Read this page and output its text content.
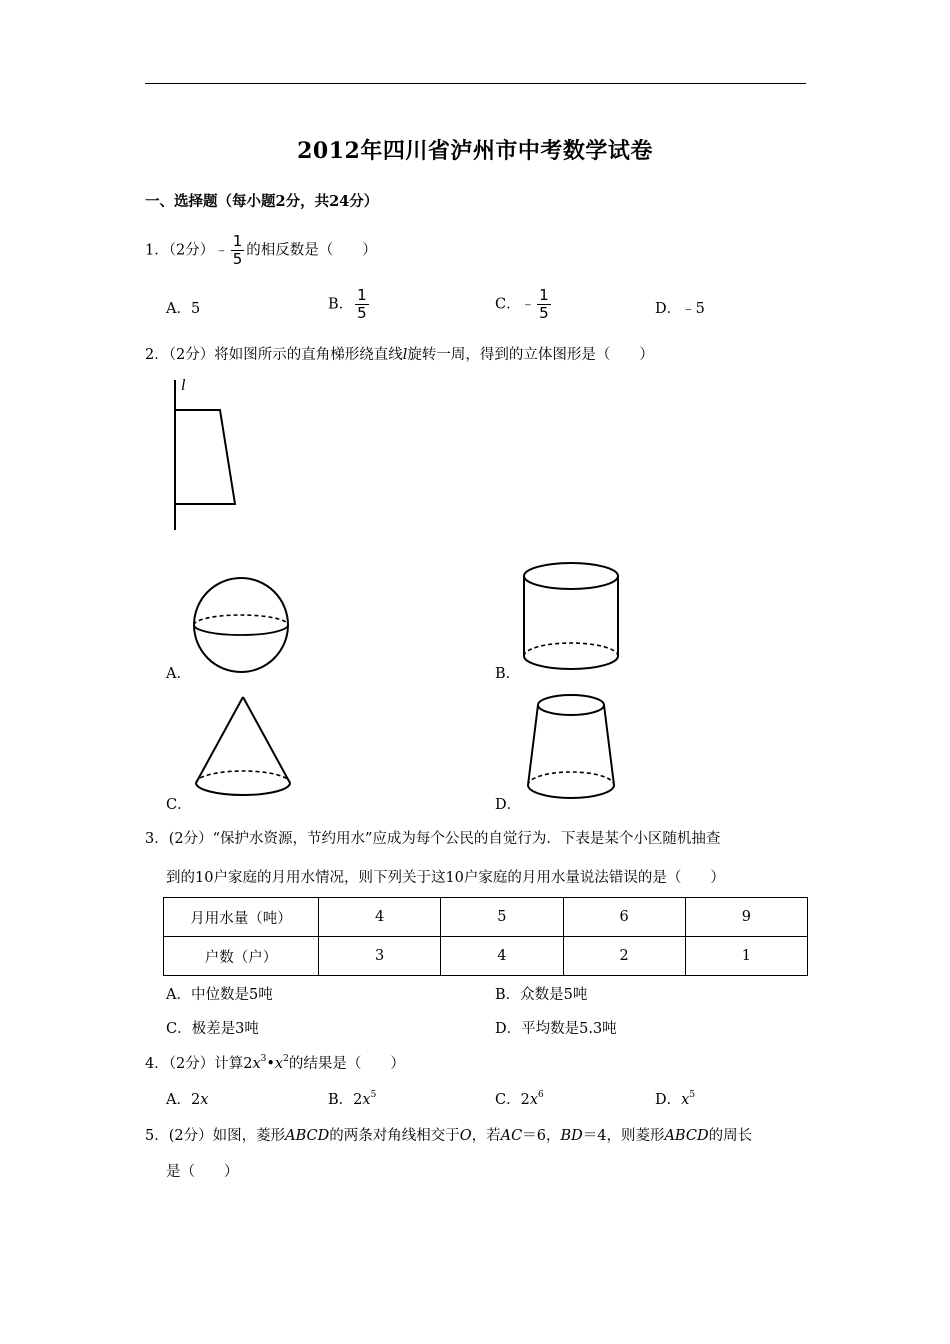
2012年四川省泸州市中考数学试卷
一、选择题（每小题2分，共24分）
1．（2分）﹣ $\frac{1}{5}$ 的相反数是（　　）
A．5	B． $\frac{1}{5}$	C．﹣ $\frac{1}{5}$	D．﹣5
2．（2分）将如图所示的直角梯形绕直线l旋转一周，得到的立体图形是（　　）
l
A．	B．
C．	D．
3．(2分）“保护水资源，节约用水”应成为每个公民的自觉行为．下表是某个小区随机抽查
到的10户家庭的月用水情况，则下列关于这10户家庭的月用水量说法错误的是（　　）
月用水量（吨）	4	5	6	9
户数（户）	3	4	2	1
A．中位数是5吨	B．众数是5吨
C．极差是3吨	D．平均数是5.3吨
4．（2分）计算$2x^3•x^2$的结果是（　　）
A．2x	B．$2x^5$	C．$2x^6$	D．$x^5$
5．(2分）如图，菱形ABCD的两条对角线相交于O，若AC＝6，BD＝4，则菱形ABCD的周长
是（　　）
